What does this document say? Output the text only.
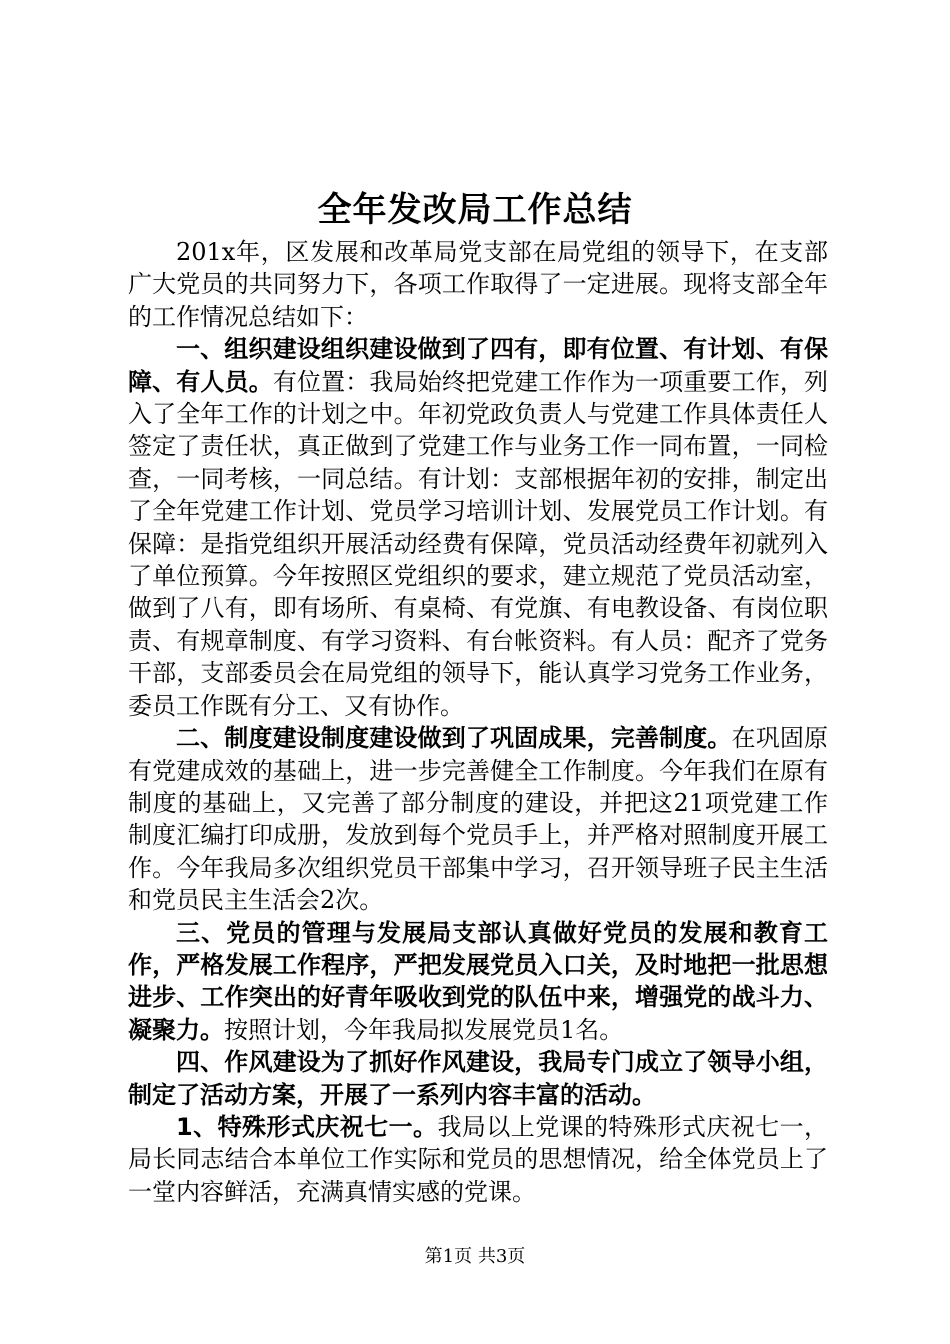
全年发改局工作总结

201x年，区发展和改革局党支部在局党组的领导下，在支部广大党员的共同努力下，各项工作取得了一定进展。现将支部全年的工作情况总结如下：

一、组织建设组织建设做到了四有，即有位置、有计划、有保障、有人员。有位置：我局始终把党建工作作为一项重要工作，列入了全年工作的计划之中。年初党政负责人与党建工作具体责任人签定了责任状，真正做到了党建工作与业务工作一同布置，一同检查，一同考核，一同总结。有计划：支部根据年初的安排，制定出了全年党建工作计划、党员学习培训计划、发展党员工作计划。有保障：是指党组织开展活动经费有保障，党员活动经费年初就列入了单位预算。今年按照区党组织的要求，建立规范了党员活动室，做到了八有，即有场所、有桌椅、有党旗、有电教设备、有岗位职责、有规章制度、有学习资料、有台帐资料。有人员：配齐了党务干部，支部委员会在局党组的领导下，能认真学习党务工作业务，委员工作既有分工、又有协作。

二、制度建设制度建设做到了巩固成果，完善制度。在巩固原有党建成效的基础上，进一步完善健全工作制度。今年我们在原有制度的基础上，又完善了部分制度的建设，并把这21项党建工作制度汇编打印成册，发放到每个党员手上，并严格对照制度开展工作。今年我局多次组织党员干部集中学习，召开领导班子民主生活和党员民主生活会2次。

三、党员的管理与发展局支部认真做好党员的发展和教育工作，严格发展工作程序，严把发展党员入口关，及时地把一批思想进步、工作突出的好青年吸收到党的队伍中来，增强党的战斗力、凝聚力。按照计划，今年我局拟发展党员1名。

四、作风建设为了抓好作风建设，我局专门成立了领导小组，制定了活动方案，开展了一系列内容丰富的活动。

1、特殊形式庆祝七一。我局以上党课的特殊形式庆祝七一，局长同志结合本单位工作实际和党员的思想情况，给全体党员上了一堂内容鲜活，充满真情实感的党课。

第1页 共3页
